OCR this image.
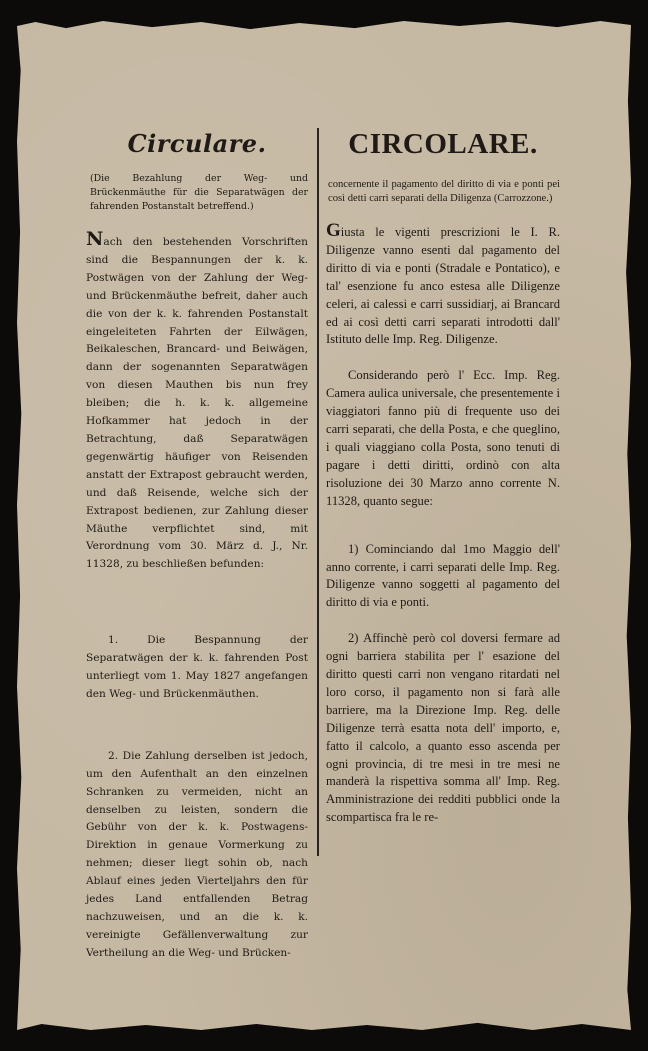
Circulare.

(Die Bezahlung der Weg- und Brückenmäuthe für die Separatwägen der fahrenden Postanstalt betreffend.)

Nach den bestehenden Vorschriften sind die Bespannungen der k. k. Postwägen von der Zahlung der Weg- und Brückenmäuthe befreit, daher auch die von der k. k. fahrenden Postanstalt eingeleiteten Fahrten der Eilwägen, Beikaleschen, Brancard- und Beiwägen, dann der sogenannten Separatwägen von diesen Mauthen bis nun frey bleiben; die h. k. k. allgemeine Hofkammer hat jedoch in der Betrachtung, daß Separatwägen gegenwärtig häufiger von Reisenden anstatt der Extrapost gebraucht werden, und daß Reisende, welche sich der Extrapost bedienen, zur Zahlung dieser Mäuthe verpflichtet sind, mit Verordnung vom 30. März d. J., Nr. 11328, zu beschließen befunden:

1. Die Bespannung der Separatwägen der k. k. fahrenden Post unterliegt vom 1. May 1827 angefangen den Weg- und Brückenmäuthen.

2. Die Zahlung derselben ist jedoch, um den Aufenthalt an den einzelnen Schranken zu vermeiden, nicht an denselben zu leisten, sondern die Gebühr von der k. k. Postwagens-Direktion in genaue Vormerkung zu nehmen; dieser liegt sohin ob, nach Ablauf eines jeden Vierteljahrs den für jedes Land entfallenden Betrag nachzuweisen, und an die k. k. vereinigte Gefällenverwaltung zur Vertheilung an die Weg- und Brücken-

CIRCOLARE.

concernente il pagamento del diritto di via e ponti pei così detti carri separati della Diligenza (Carrozzone.)

Giusta le vigenti prescrizioni le I. R. Diligenze vanno esenti dal pagamento del diritto di via e ponti (Stradale e Pontatico), e tal' esenzione fu anco estesa alle Diligenze celeri, ai calessi e carri sussidiarj, ai Brancard ed ai così detti carri separati introdotti dall' Istituto delle Imp. Reg. Diligenze.

Considerando però l' Ecc. Imp. Reg. Camera aulica universale, che presentemente i viaggiatori fanno più di frequente uso dei carri separati, che della Posta, e che queglino, i quali viaggiano colla Posta, sono tenuti di pagare i detti diritti, ordinò con alta risoluzione dei 30 Marzo anno corrente N. 11328, quanto segue:

1) Cominciando dal 1mo Maggio dell' anno corrente, i carri separati delle Imp. Reg. Diligenze vanno soggetti al pagamento del diritto di via e ponti.

2) Affinchè però col doversi fermare ad ogni barriera stabilita per l' esazione del diritto questi carri non vengano ritardati nel loro corso, il pagamento non si farà alle barriere, ma la Direzione Imp. Reg. delle Diligenze terrà esatta nota dell' importo, e, fatto il calcolo, a quanto esso ascenda per ogni provincia, di tre mesi in tre mesi ne manderà la rispettiva somma all' Imp. Reg. Amministrazione dei redditi pubblici onde la scompartisca fra le re-
